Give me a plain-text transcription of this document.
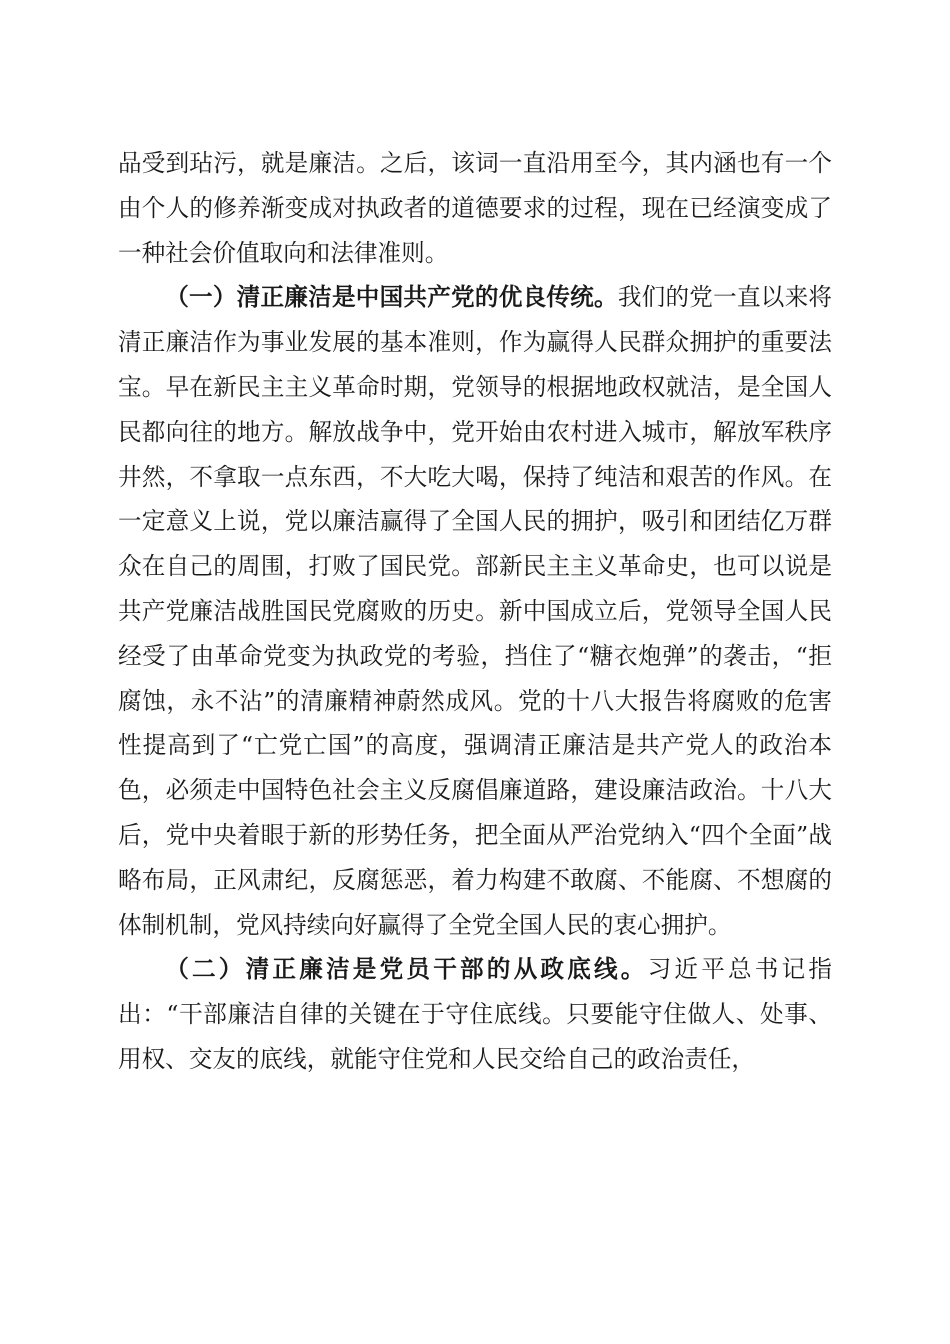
品受到玷污，就是廉洁。之后，该词一直沿用至今，其内涵也有一个由个人的修养渐变成对执政者的道德要求的过程，现在已经演变成了一种社会价值取向和法律准则。

（一）清正廉洁是中国共产党的优良传统。我们的党一直以来将清正廉洁作为事业发展的基本准则，作为赢得人民群众拥护的重要法宝。早在新民主主义革命时期，党领导的根据地政权就洁，是全国人民都向往的地方。解放战争中，党开始由农村进入城市，解放军秩序井然，不拿取一点东西，不大吃大喝，保持了纯洁和艰苦的作风。在一定意义上说，党以廉洁赢得了全国人民的拥护，吸引和团结亿万群众在自己的周围，打败了国民党。部新民主主义革命史，也可以说是共产党廉洁战胜国民党腐败的历史。新中国成立后，党领导全国人民经受了由革命党变为执政党的考验，挡住了“糖衣炮弹”的袭击，“拒腐蚀，永不沾”的清廉精神蔚然成风。党的十八大报告将腐败的危害性提高到了“亡党亡国”的高度，强调清正廉洁是共产党人的政治本色，必须走中国特色社会主义反腐倡廉道路，建设廉洁政治。十八大后，党中央着眼于新的形势任务，把全面从严治党纳入“四个全面”战略布局，正风肃纪，反腐惩恶，着力构建不敢腐、不能腐、不想腐的体制机制，党风持续向好赢得了全党全国人民的衷心拥护。

（二）清正廉洁是党员干部的从政底线。习近平总书记指出：“干部廉洁自律的关键在于守住底线。只要能守住做人、处事、用权、交友的底线，就能守住党和人民交给自己的政治责任，
